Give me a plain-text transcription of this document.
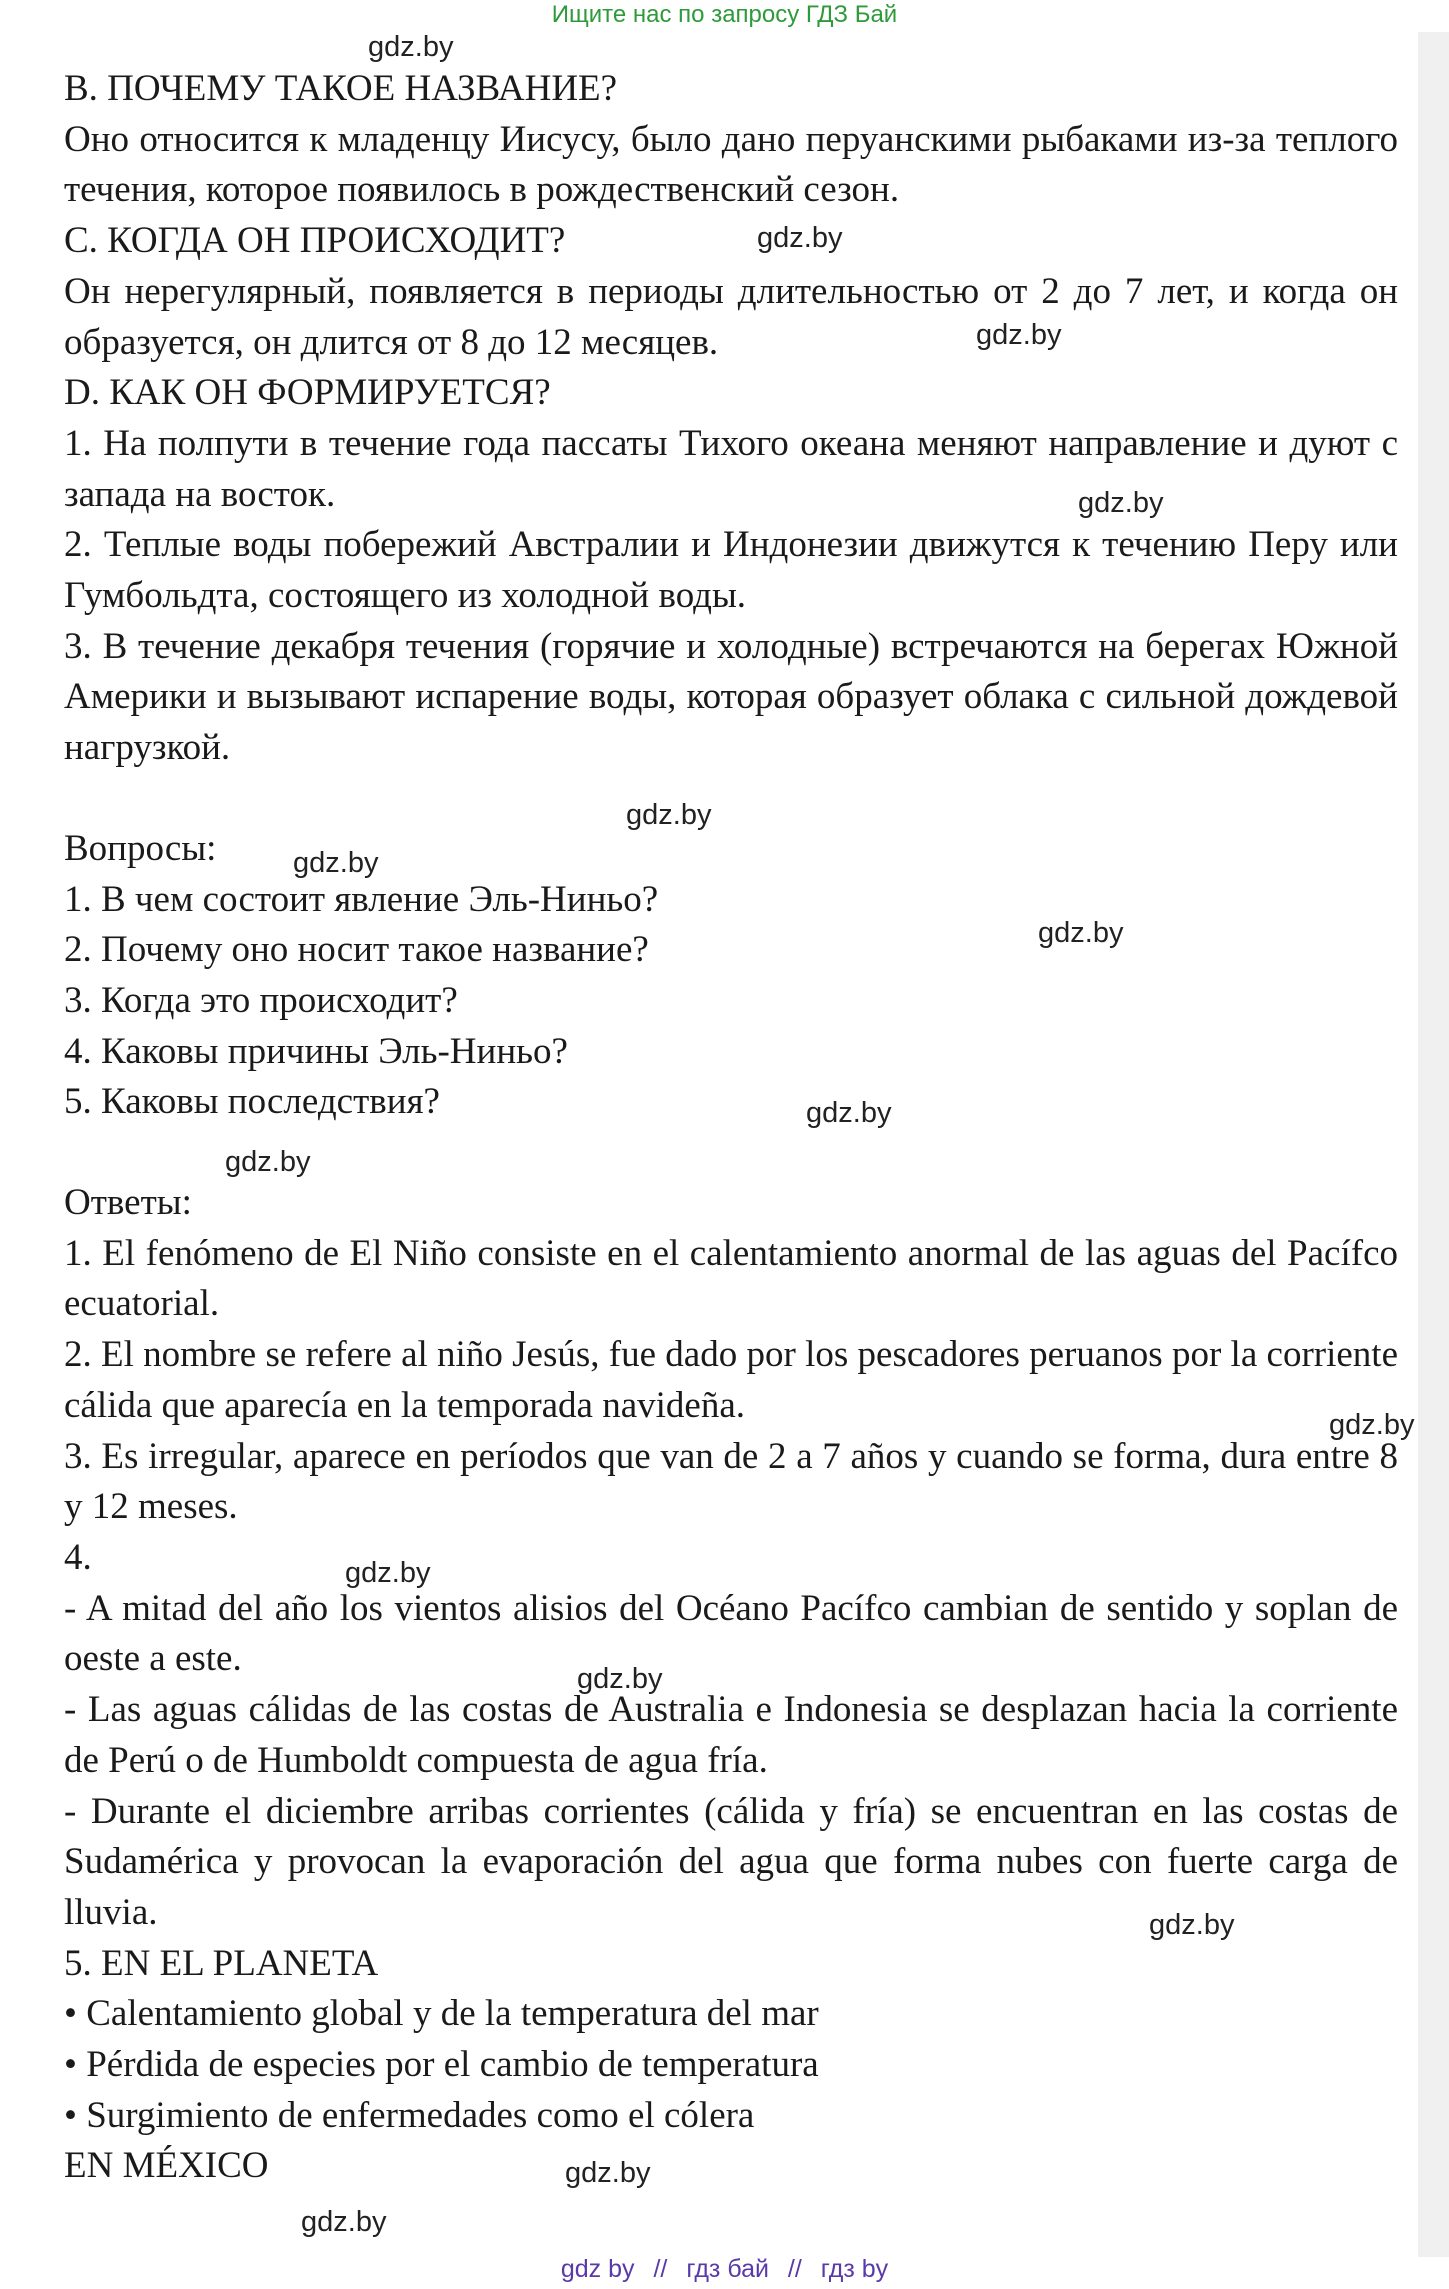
Ищите нас по запросу ГДЗ Бай

B. ПОЧЕМУ ТАКОЕ НАЗВАНИЕ?

Оно относится к младенцу Иисусу, было дано перуанскими рыбаками из-за теплого течения, которое появилось в рождественский сезон.

C. КОГДА ОН ПРОИСХОДИТ?

Он нерегулярный, появляется в периоды длительностью от 2 до 7 лет, и когда он образуется, он длится от 8 до 12 месяцев.

D. КАК ОН ФОРМИРУЕТСЯ?

1. На полпути в течение года пассаты Тихого океана меняют направление и дуют с запада на восток.

2. Теплые воды побережий Австралии и Индонезии движутся к течению Перу или Гумбольдта, состоящего из холодной воды.

3. В течение декабря течения (горячие и холодные) встречаются на берегах Южной Америки и вызывают испарение воды, которая образует облака с сильной дождевой нагрузкой.

Вопросы:

1. В чем состоит явление Эль-Ниньо?

2. Почему оно носит такое название?

3. Когда это происходит?

4. Каковы причины Эль-Ниньо?

5. Каковы последствия?

Ответы:

1. El fenómeno de El Niño consiste en el calentamiento anormal de las aguas del Pacífco ecuatorial.

2. El nombre se refere al niño Jesús, fue dado por los pescadores peruanos por la corriente cálida que aparecía en la temporada navideña.

3. Es irregular, aparece en períodos que van de 2 a 7 años y cuando se forma, dura entre 8 y 12 meses.

4.

- A mitad del año los vientos alisios del Océano Pacífco cambian de sentido y soplan de oeste a este.

- Las aguas cálidas de las costas de Australia e Indonesia se desplazan hacia la corriente de Perú o de Humboldt compuesta de agua fría.

- Durante el diciembre arribas corrientes (cálida y fría) se encuentran en las costas de Sudamérica y provocan la evaporación del agua que forma nubes con fuerte carga de lluvia.

5. EN EL PLANETA

• Calentamiento global y de la temperatura del mar

• Pérdida de especies por el cambio de temperatura

• Surgimiento de enfermedades como el cólera

EN MÉXICO

gdz.by
gdz.by
gdz.by
gdz.by
gdz.by
gdz.by
gdz.by
gdz.by
gdz.by
gdz.by
gdz.by
gdz.by
gdz.by
gdz.by
gdz.by
gdz by // гдз бай // гдз by
